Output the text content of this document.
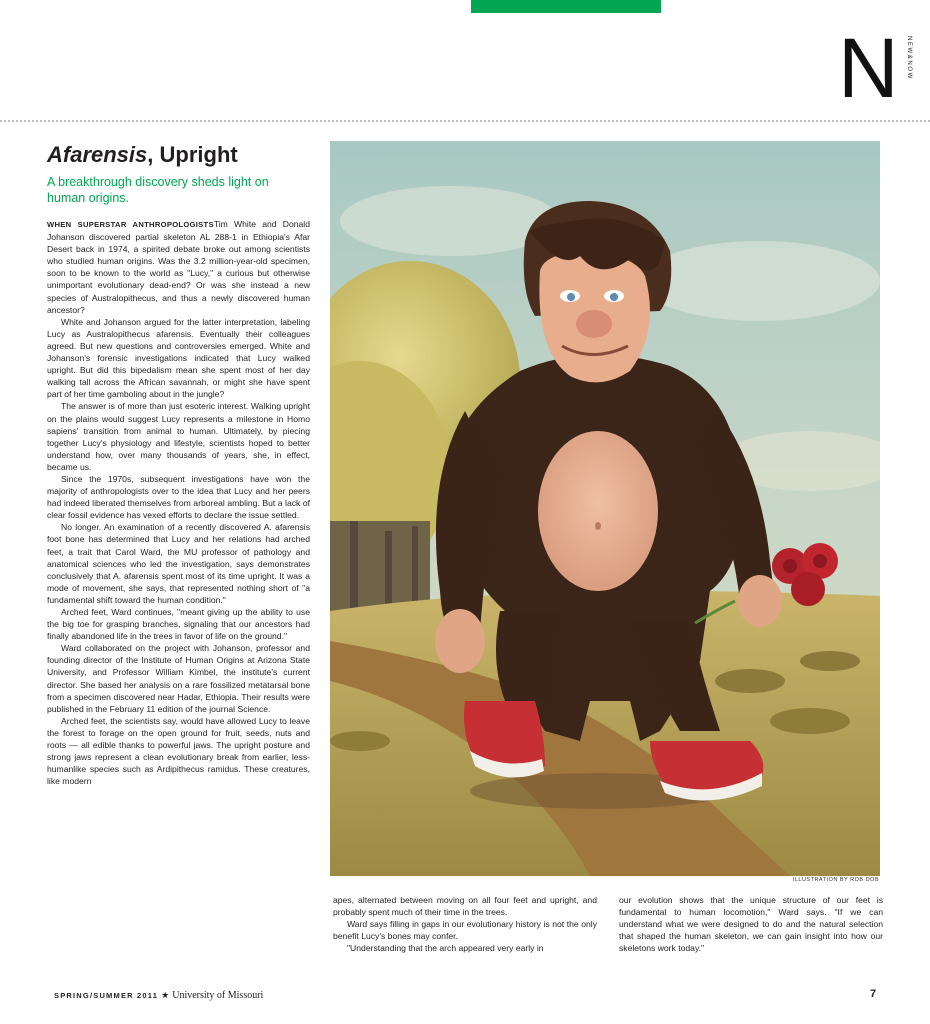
N	NEW&NOW
Afarensis, Upright
A breakthrough discovery sheds light on human origins.

WHEN SUPERSTAR ANTHROPOLOGISTSTim White and Donald Johanson discovered partial skeleton AL 288-1 in Ethiopia's Afar Desert back in 1974, a spirited debate broke out among scientists who studied human origins. Was the 3.2 million-year-old specimen, soon to be known to the world as "Lucy," a curious but otherwise unimportant evolutionary dead-end? Or was she instead a new species of Australopithecus, and thus a newly discovered human ancestor?

White and Johanson argued for the latter interpretation, labeling Lucy as Australopithecus afarensis. Eventually their colleagues agreed. But new questions and controversies emerged. White and Johanson's forensic investigations indicated that Lucy walked upright. But did this bipedalism mean she spent most of her day walking tall across the African savannah, or might she have spent part of her time gamboling about in the jungle?

The answer is of more than just esoteric interest. Walking upright on the plains would suggest Lucy represents a milestone in Homo sapiens' transition from animal to human. Ultimately, by piecing together Lucy's physiology and lifestyle, scientists hoped to better understand how, over many thousands of years, she, in effect, became us.

Since the 1970s, subsequent investigations have won the majority of anthropologists over to the idea that Lucy and her peers had indeed liberated themselves from arboreal ambling. But a lack of clear fossil evidence has vexed efforts to declare the issue settled.

No longer. An examination of a recently discovered A. afarensis foot bone has determined that Lucy and her relations had arched feet, a trait that Carol Ward, the MU professor of pathology and anatomical sciences who led the investigation, says demonstrates conclusively that A. afarensis spent most of its time upright. It was a mode of movement, she says, that represented nothing short of "a fundamental shift toward the human condition."

Arched feet, Ward continues, "meant giving up the ability to use the big toe for grasping branches, signaling that our ancestors had finally abandoned life in the trees in favor of life on the ground."

Ward collaborated on the project with Johanson, professor and founding director of the Institute of Human Origins at Arizona State University, and Professor William Kimbel, the institute's current director. She based her analysis on a rare fossilized metatarsal bone from a specimen discovered near Hadar, Ethiopia. Their results were published in the February 11 edition of the journal Science.

Arched feet, the scientists say, would have allowed Lucy to leave the forest to forage on the open ground for fruit, seeds, nuts and roots — all edible thanks to powerful jaws. The upright posture and strong jaws represent a clean evolutionary break from earlier, less-humanlike species such as Ardipithecus ramidus. These creatures, like modern

ILLUSTRATION BY ROB DOB

apes, alternated between moving on all four feet and upright, and probably spent much of their time in the trees.

Ward says filling in gaps in our evolutionary history is not the only benefit Lucy's bones may confer.

"Understanding that the arch appeared very early in

our evolution shows that the unique structure of our feet is fundamental to human locomotion," Ward says. "If we can understand what we were designed to do and the natural selection that shaped the human skeleton, we can gain insight into how our skeletons work today."

SPRING/SUMMER 2011 ★ University of Missouri	7
